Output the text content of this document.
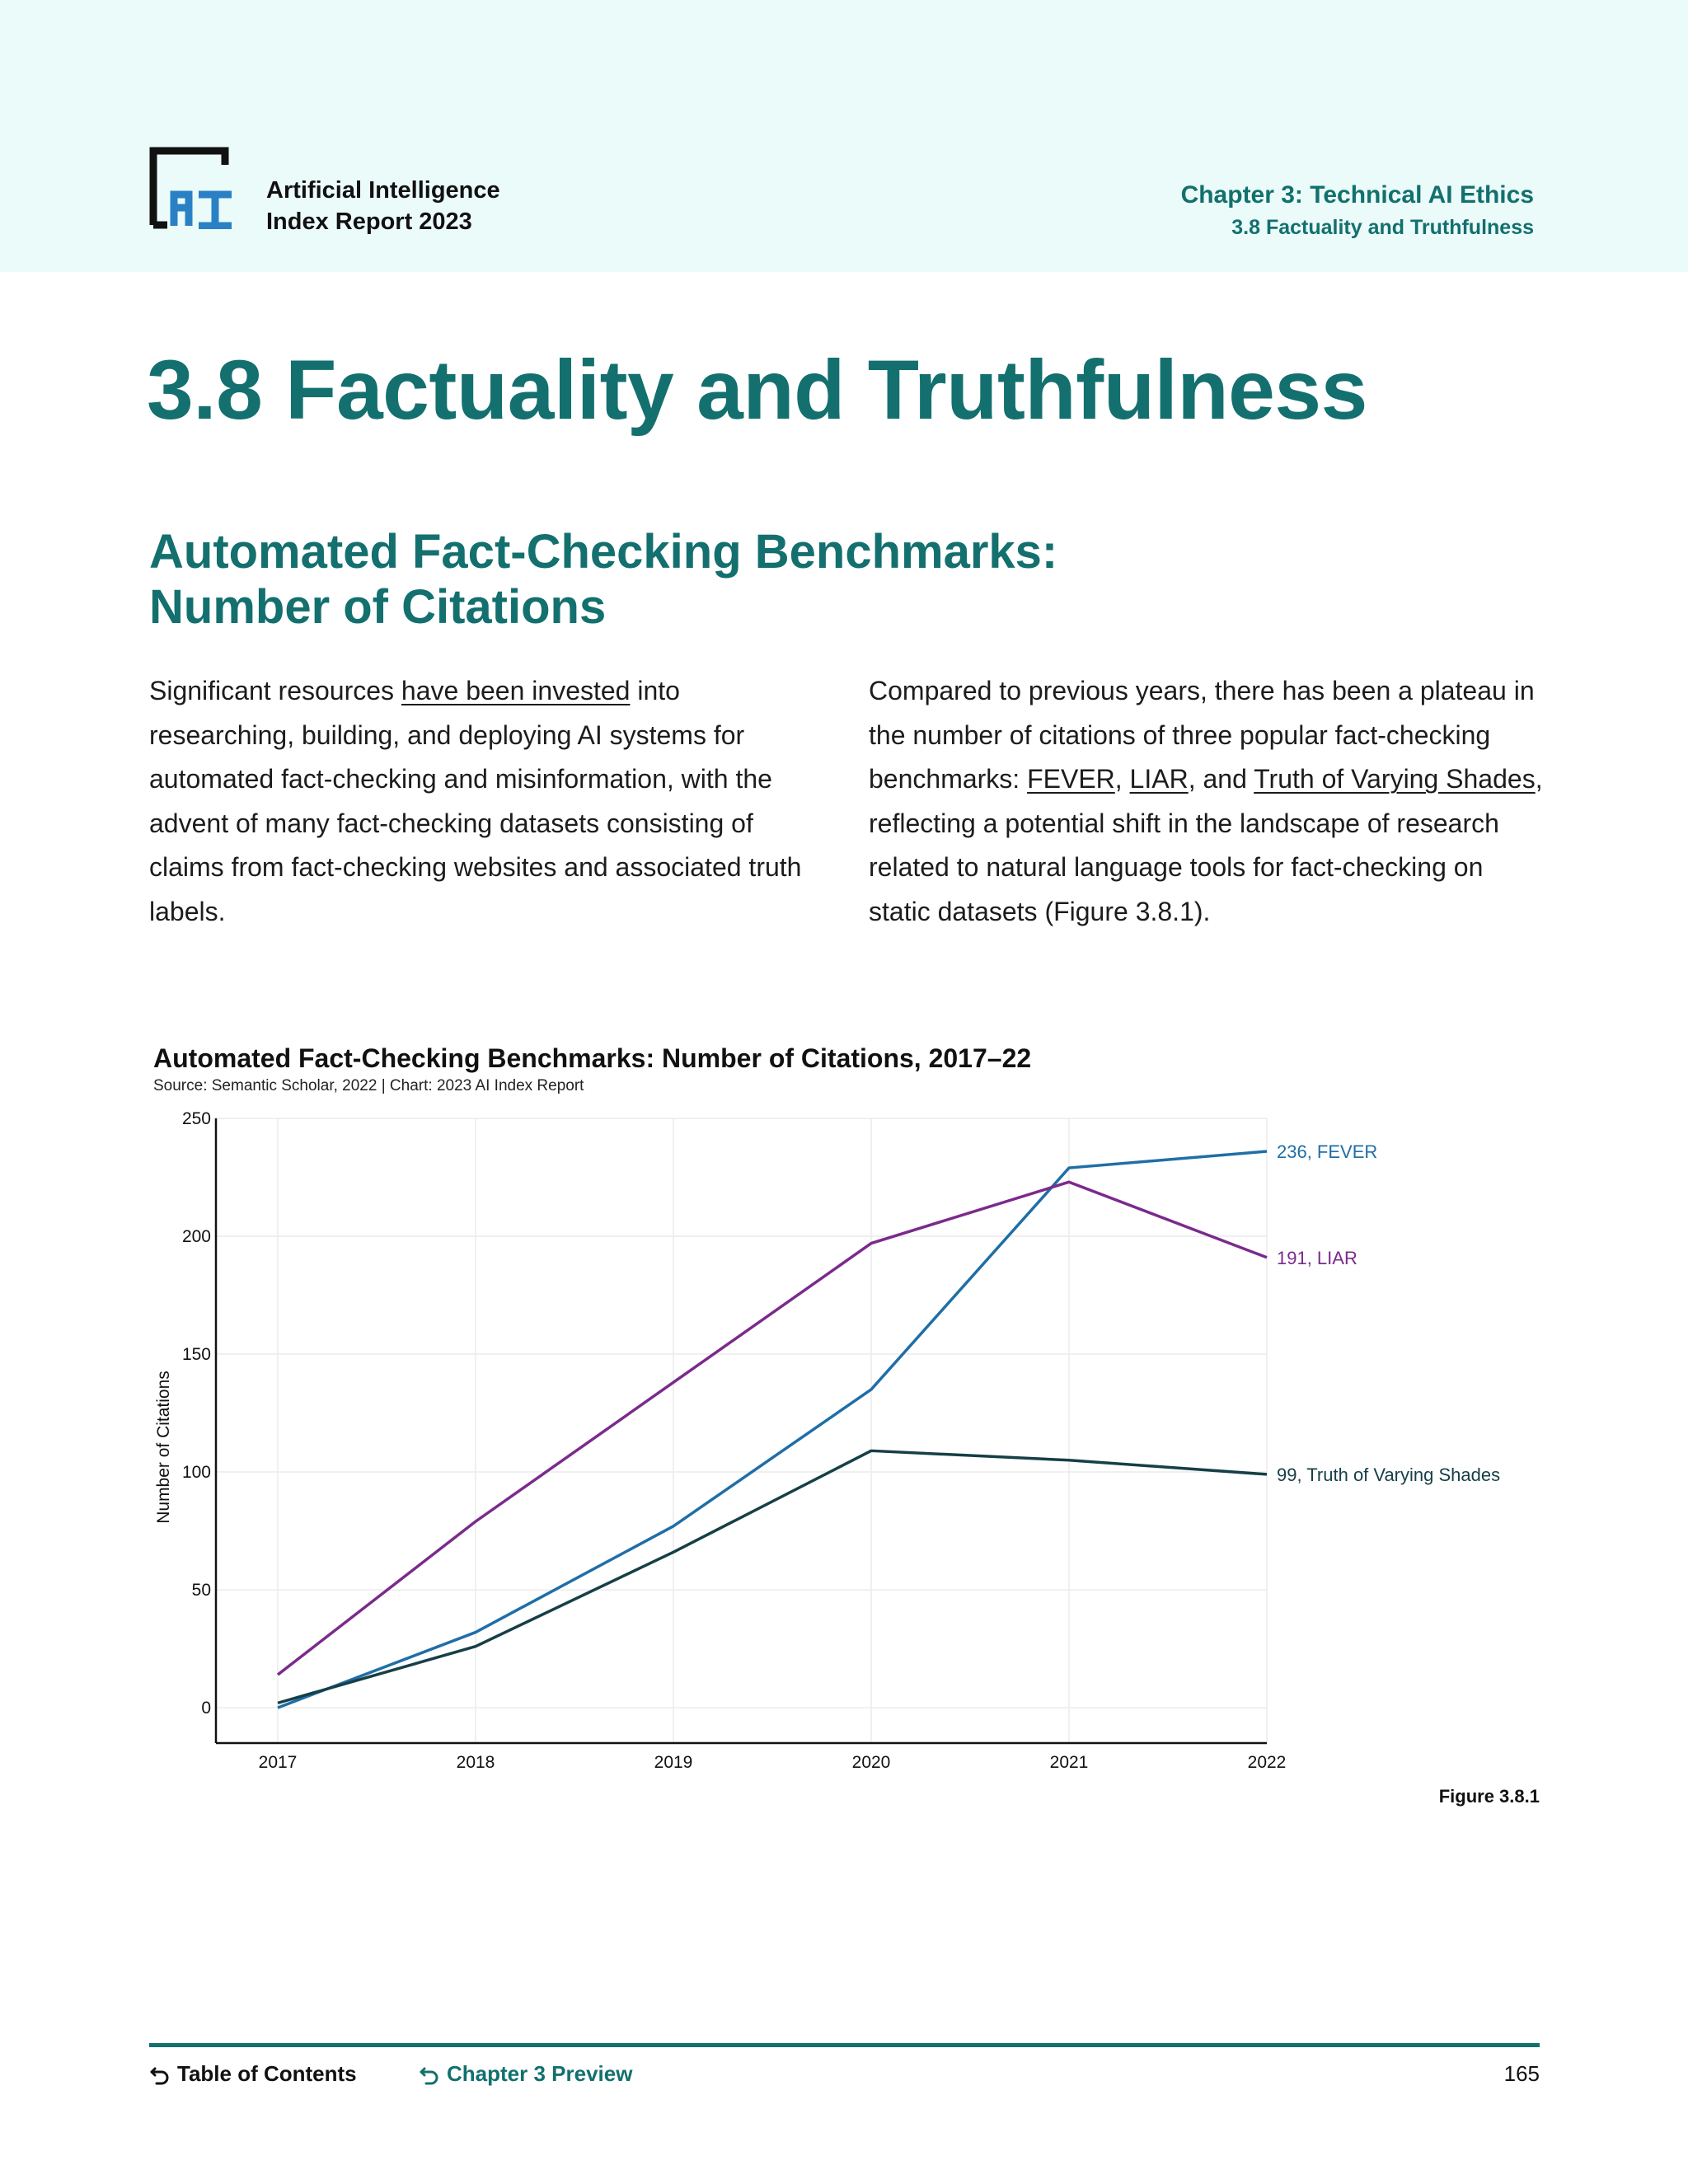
Artificial Intelligence
Index Report 2023
Chapter 3: Technical AI Ethics
3.8 Factuality and Truthfulness
3.8 Factuality and Truthfulness
Automated Fact-Checking Benchmarks:
Number of Citations

Significant resources have been invested into researching, building, and deploying AI systems for automated fact-checking and misinformation, with the advent of many fact-checking datasets consisting of claims from fact-checking websites and associated truth labels.

Compared to previous years, there has been a plateau in the number of citations of three popular fact-checking benchmarks: FEVER, LIAR, and Truth of Varying Shades, reflecting a potential shift in the landscape of research related to natural language tools for fact-checking on static datasets (Figure 3.8.1).

Automated Fact-Checking Benchmarks: Number of Citations, 2017–22
Source: Semantic Scholar, 2022 | Chart: 2023 AI Index Report
0
50
100
150
200
250
2017	2018	2019	2020	2021	2022
Number of Citations
236, FEVER
191, LIAR
99, Truth of Varying Shades
Figure 3.8.1
Table of Contents	Chapter 3 Preview	165
